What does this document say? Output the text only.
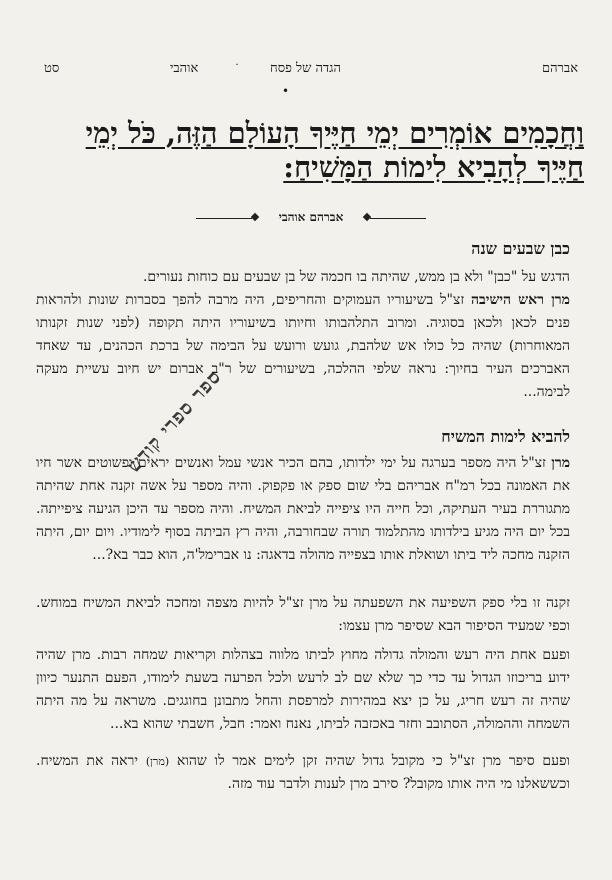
אברהם
הגדה של פסח
אוהבי
סט	˙
•
וַחֲכָמִים אוֹמְרִים יְמֵי חַיֶּיךָ הָעוֹלָם הַזֶּה, כֹּל יְמֵי חַיֶּיךָ לְהָבִיא לִימוֹת הַמָּשִׁיחַ:
אברהם אוהבי
כבן שבעים שנה

הדגש על "כבן" ולא בן ממש, שהיתה בו חכמה של בן שבעים עם כוחות נעורים.
מרן ראש הישיבה זצ"ל בשיעוריו העמוקים והחריפים, היה מרבה להפך בסברות שונות ולהראות פנים לכאן ולכאן בסוגיה. ומרוב התלהבותו וחיותו בשיעוריו היתה תקופה (לפני שנות זקנותו המאוחרות) שהיה כל כולו אש שלהבת, גועש ורועש על הבימה של ברכת הכהנים, עד שאחד האברכים העיר בחיוך: נראה שלפי ההלכה, בשיעורים של ר"ב אברום יש חיוב עשיית מעקה לבימה...

להביא לימות המשיח

מרן זצ"ל היה מספר בערגה על ימי ילדותו, בהם הכיר אנשי עמל ואנשים יראים ופשוטים אשר חיו את האמונה בכל רמ"ח אבריהם בלי שום ספק או פקפוק. והיה מספר על אשה זקנה אחת שהיתה מתגוררת בעיר העתיקה, וכל חייה היו ציפייה לביאת המשיח. והיה מספר עד היכן הגיעה ציפייתה. בכל יום היה מגיע בילדותו מהתלמוד תורה שבחורבה, והיה רץ הביתה בסוף לימודיו. ויום יום, היתה הזקנה מחכה ליד ביתו ושואלת אותו בצפייה מהולה בדאגה: נו אברימל'ה, הוא כבר בא?...

זקנה זו בלי ספק השפיעה את השפעתה על מרן זצ"ל להיות מצפה ומחכה לביאת המשיח במוחש. וכפי שמעיד הסיפור הבא שסיפר מרן עצמו:

ופעם אחת היה רעש והמולה גדולה מחוץ לביתו מלווה בצהלות וקריאות שמחה רבות. מרן שהיה ידוע בריכוזו הגדול עד כדי כך שלא שם לב לרעש ולכל הפרעה בשעת לימודו, הפעם התנער כיוון שהיה זה רעש חריג, על כן יצא במהירות למרפסת והחל מתבונן בחוגגים. משראה על מה היתה השמחה וההמולה, הסתובב וחזר באכזבה לביתו, נאנח ואמר: חבל, חשבתי שהוא בא...

ופעם סיפר מרן זצ"ל כי מקובל גדול שהיה זקן לימים אמר לו שהוא (מרן) יראה את המשיח. וכששאלנו מי היה אותו מקובל? סירב מרן לענות ולדבר עוד מזה.

ספר ספרי קודש
